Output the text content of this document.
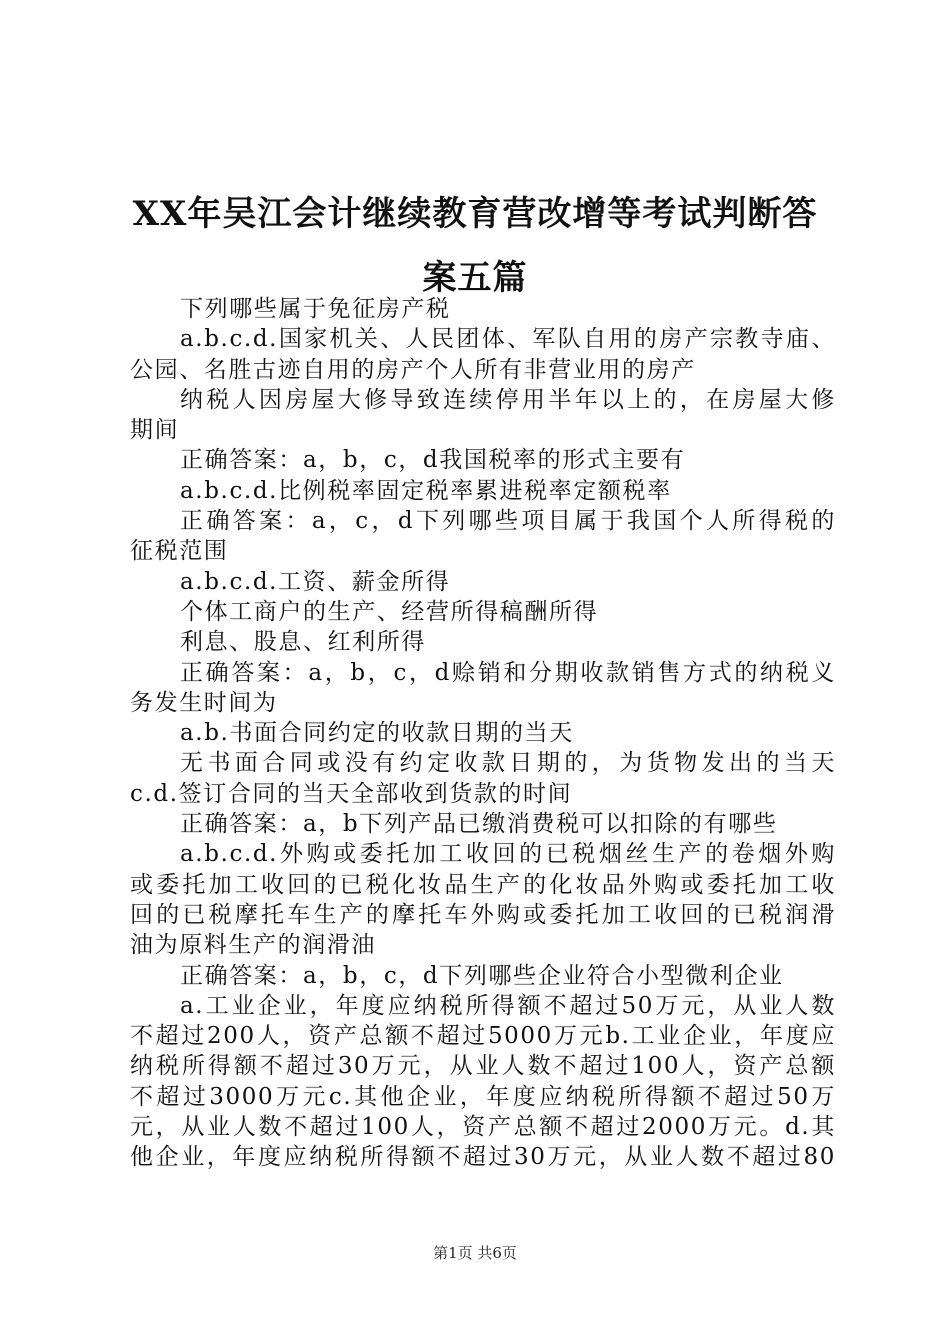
XX年吴江会计继续教育营改增等考试判断答
案五篇
下列哪些属于免征房产税
a.b.c.d.国家机关、人民团体、军队自用的房产宗教寺庙、
公园、名胜古迹自用的房产个人所有非营业用的房产
纳税人因房屋大修导致连续停用半年以上的，在房屋大修
期间
正确答案：a，b，c，d我国税率的形式主要有
a.b.c.d.比例税率固定税率累进税率定额税率
正确答案：a，c，d下列哪些项目属于我国个人所得税的
征税范围
a.b.c.d.工资、薪金所得
个体工商户的生产、经营所得稿酬所得
利息、股息、红利所得
正确答案：a，b，c，d赊销和分期收款销售方式的纳税义
务发生时间为
a.b.书面合同约定的收款日期的当天
无书面合同或没有约定收款日期的，为货物发出的当天
c.d.签订合同的当天全部收到货款的时间
正确答案：a，b下列产品已缴消费税可以扣除的有哪些
a.b.c.d.外购或委托加工收回的已税烟丝生产的卷烟外购
或委托加工收回的已税化妆品生产的化妆品外购或委托加工收
回的已税摩托车生产的摩托车外购或委托加工收回的已税润滑
油为原料生产的润滑油
正确答案：a，b，c，d下列哪些企业符合小型微利企业
a.工业企业，年度应纳税所得额不超过50万元，从业人数
不超过200人，资产总额不超过5000万元b.工业企业，年度应
纳税所得额不超过30万元，从业人数不超过100人，资产总额
不超过3000万元c.其他企业，年度应纳税所得额不超过50万
元，从业人数不超过100人，资产总额不超过2000万元。d.其
他企业，年度应纳税所得额不超过30万元，从业人数不超过80
第1页 共6页
